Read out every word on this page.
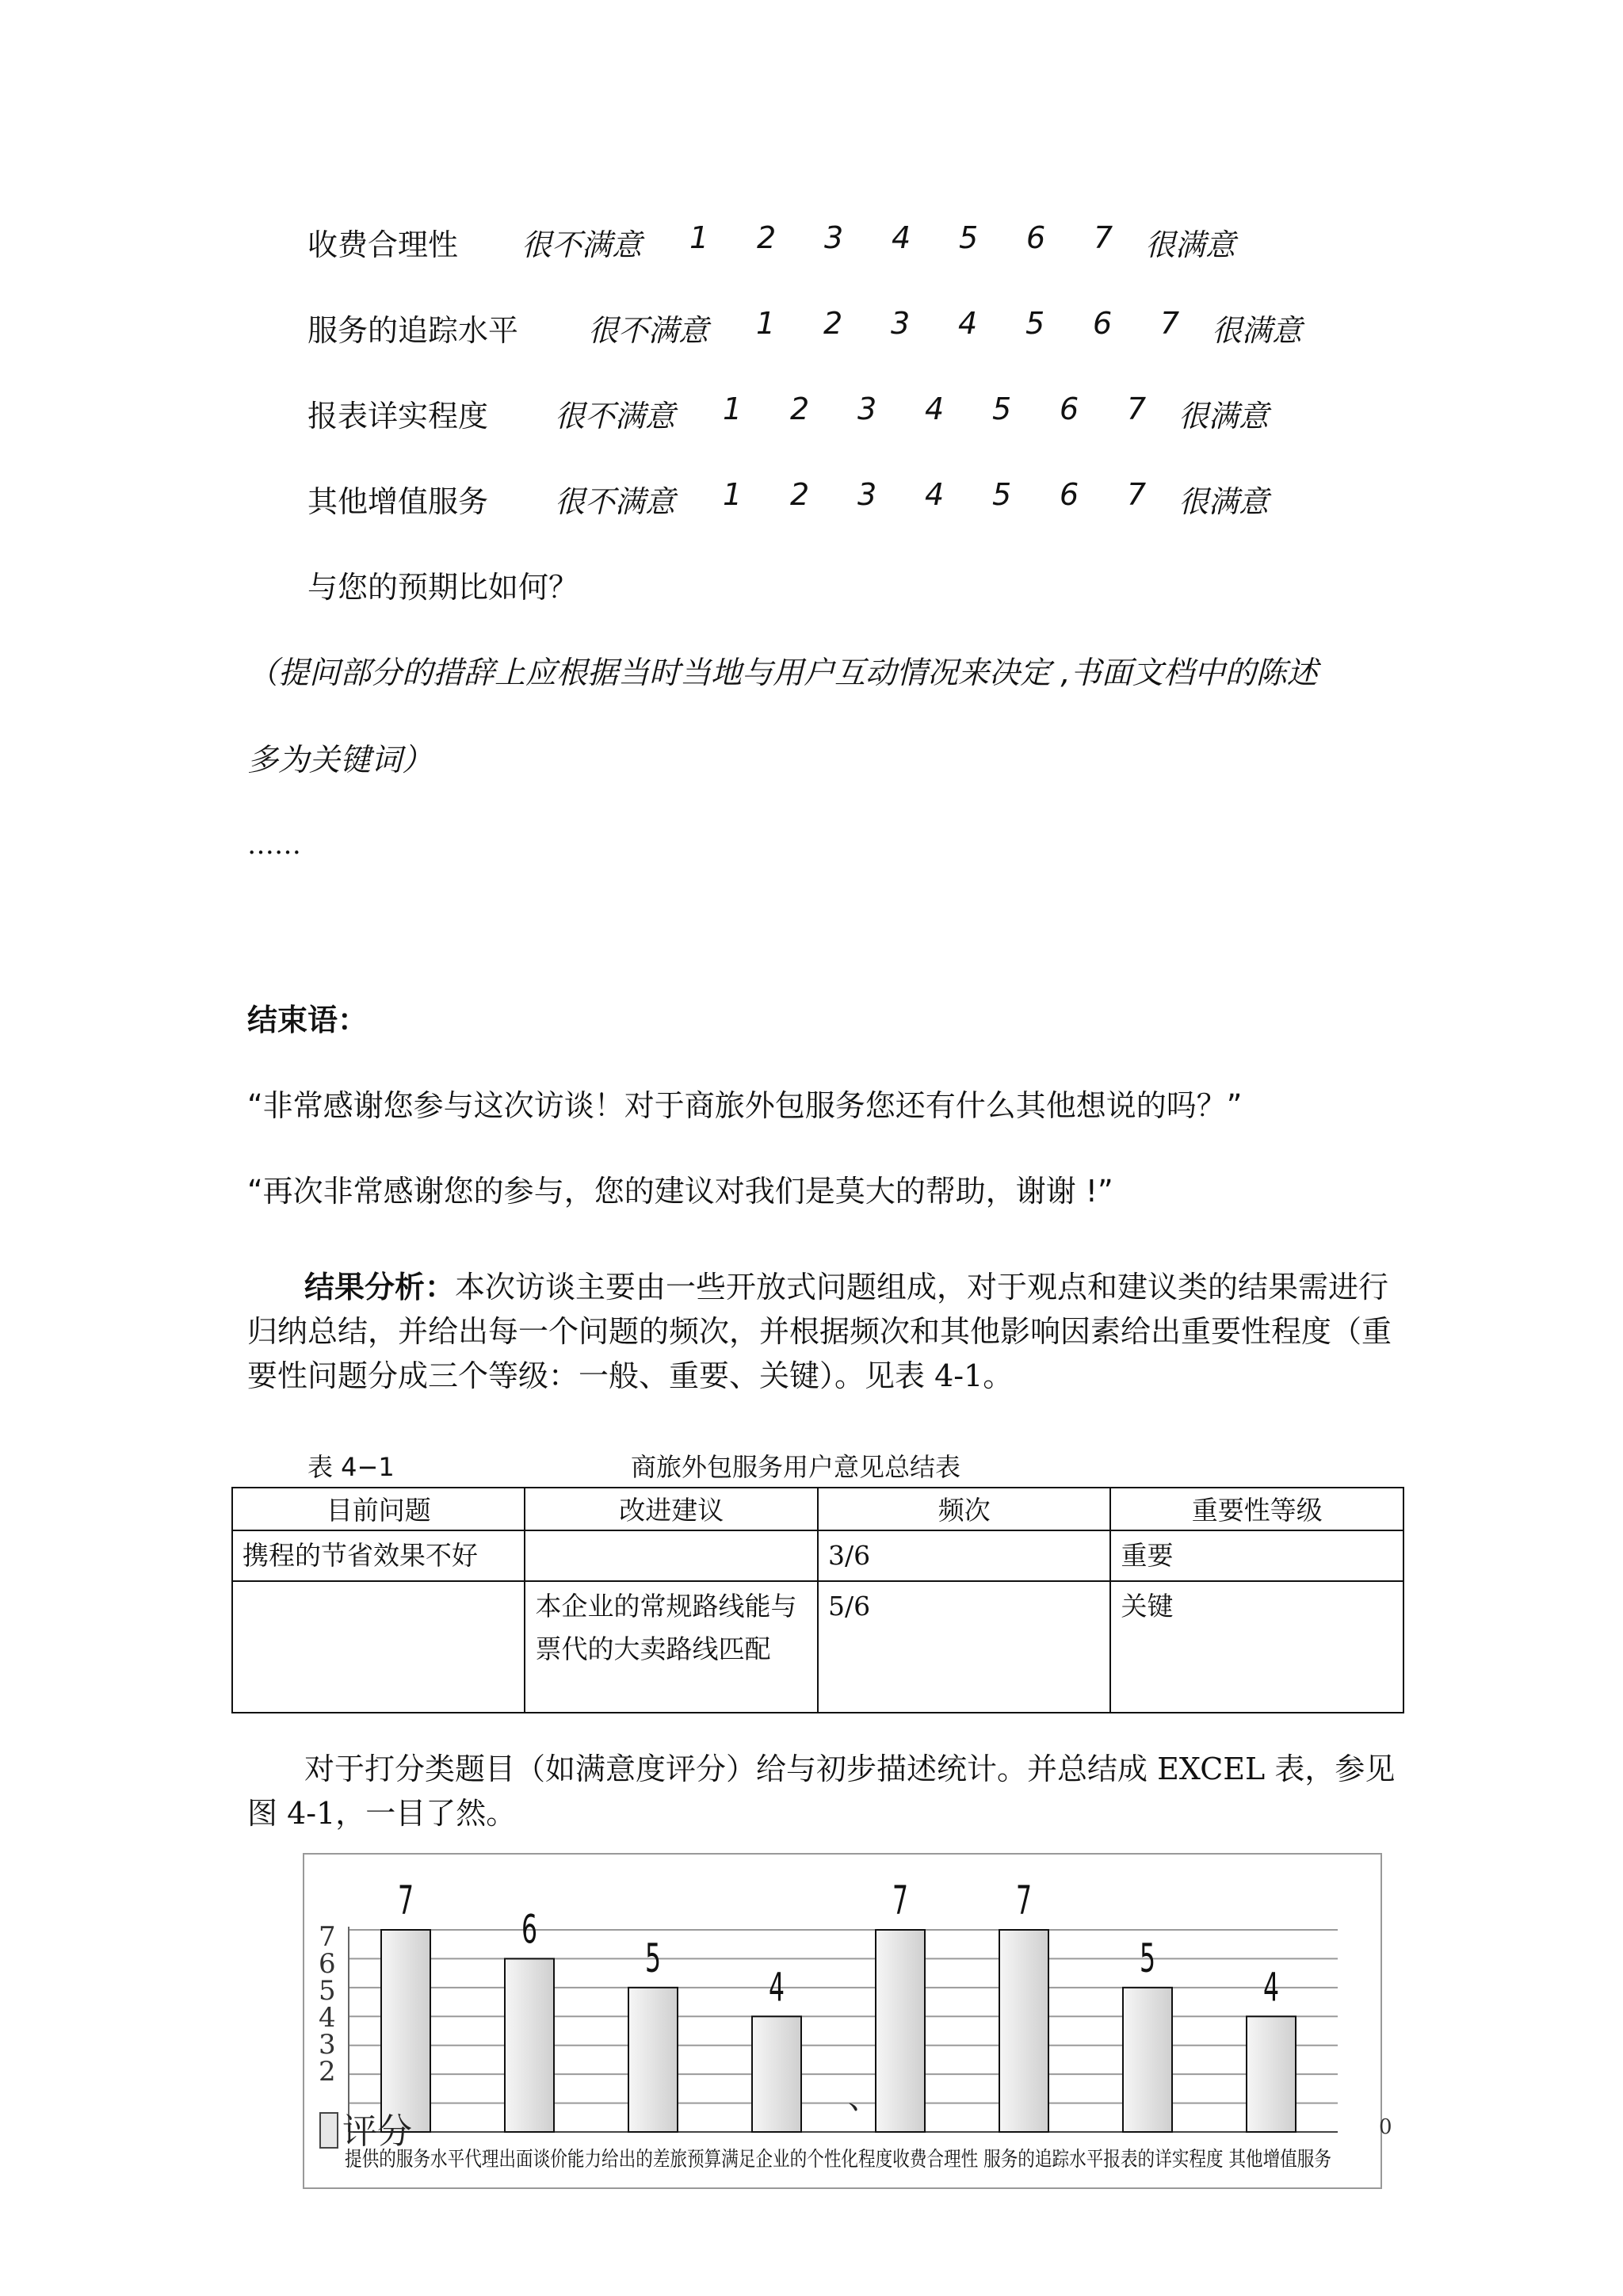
收费合理性 很不满意 1 2 3 4 5 6 7 很满意
服务的追踪水平 很不满意 1 2 3 4 5 6 7 很满意
报表详实程度 很不满意 1 2 3 4 5 6 7 很满意
其他增值服务 很不满意 1 2 3 4 5 6 7 很满意
与您的预期比如何？
（提问部分的措辞上应根据当时当地与用户互动情况来决定 ,书面文档中的陈述
多为关键词）
……
结束语：
“非常感谢您参与这次访谈！对于商旅外包服务您还有什么其他想说的吗？”
“再次非常感谢您的参与，您的建议对我们是莫大的帮助，谢谢 !”
结果分析：本次访谈主要由一些开放式问题组成，对于观点和建议类的结果需进行归纳总结，并给出每一个问题的频次，并根据频次和其他影响因素给出重要性程度（重要性问题分成三个等级：一般、重要、关键）。见表 4-1。
表 4−1	商旅外包服务用户意见总结表
目前问题	改进建议	频次	重要性等级
携程的节省效果不好		3/6	重要
	本企业的常规路线能与票代的大卖路线匹配	5/6	关键
对于打分类题目（如满意度评分）给与初步描述统计。并总结成 EXCEL 表，参见图 4-1，一目了然。
7
6
5
4
7	7
5
4
7
6
5
4
3
2
0
、
评分
提供的服务水平代理出面谈价能力给出的差旅预算满足企业的个性化程度收费合理性 服务的追踪水平报表的详实程度 其他增值服务
